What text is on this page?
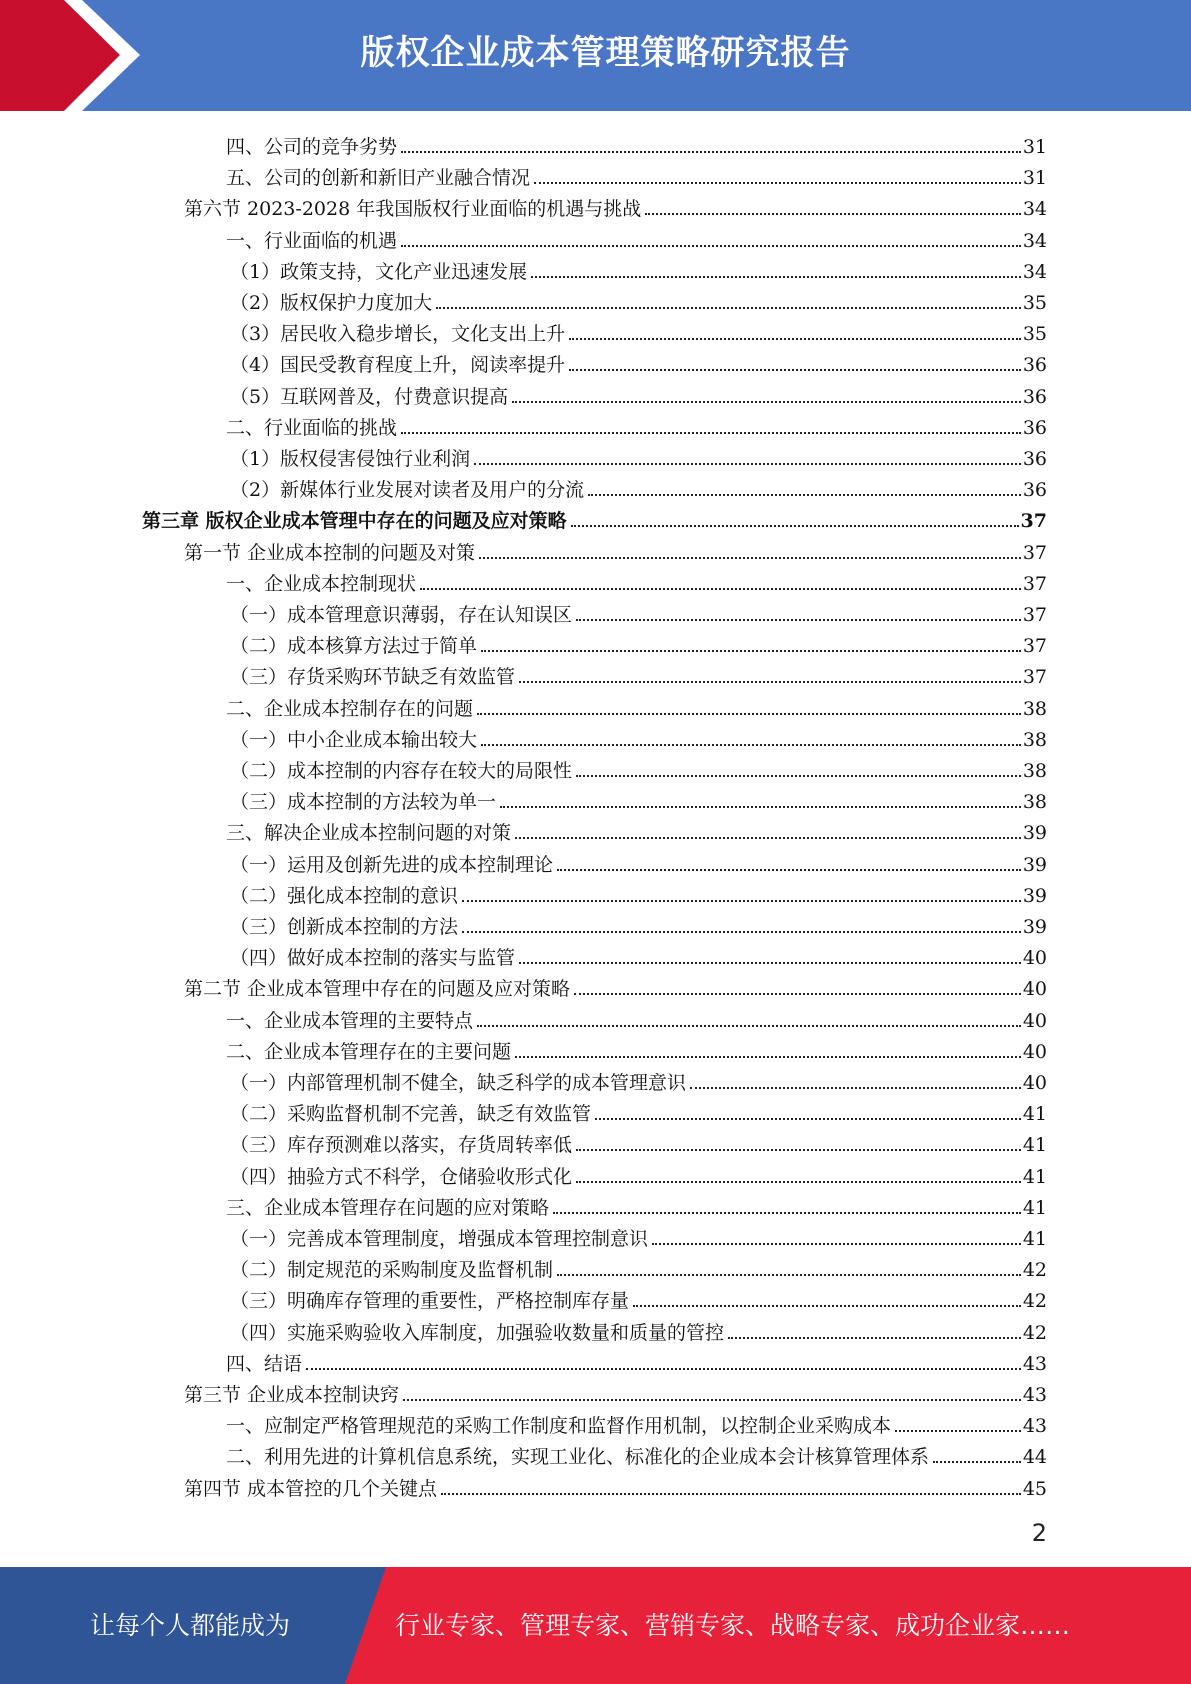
版权企业成本管理策略研究报告
四、公司的竞争劣势	31
五、公司的创新和新旧产业融合情况	31
第六节 2023-2028 年我国版权行业面临的机遇与挑战	34
一、行业面临的机遇	34
（1）政策支持，文化产业迅速发展	34
（2）版权保护力度加大	35
（3）居民收入稳步增长，文化支出上升	35
（4）国民受教育程度上升，阅读率提升	36
（5）互联网普及，付费意识提高	36
二、行业面临的挑战	36
（1）版权侵害侵蚀行业利润	36
（2）新媒体行业发展对读者及用户的分流	36
第三章 版权企业成本管理中存在的问题及应对策略	37
第一节 企业成本控制的问题及对策	37
一、企业成本控制现状	37
（一）成本管理意识薄弱，存在认知误区	37
（二）成本核算方法过于简单	37
（三）存货采购环节缺乏有效监管	37
二、企业成本控制存在的问题	38
（一）中小企业成本输出较大	38
（二）成本控制的内容存在较大的局限性	38
（三）成本控制的方法较为单一	38
三、解决企业成本控制问题的对策	39
（一）运用及创新先进的成本控制理论	39
（二）强化成本控制的意识	39
（三）创新成本控制的方法	39
（四）做好成本控制的落实与监管	40
第二节 企业成本管理中存在的问题及应对策略	40
一、企业成本管理的主要特点	40
二、企业成本管理存在的主要问题	40
（一）内部管理机制不健全，缺乏科学的成本管理意识	40
（二）采购监督机制不完善，缺乏有效监管	41
（三）库存预测难以落实，存货周转率低	41
（四）抽验方式不科学，仓储验收形式化	41
三、企业成本管理存在问题的应对策略	41
（一）完善成本管理制度，增强成本管理控制意识	41
（二）制定规范的采购制度及监督机制	42
（三）明确库存管理的重要性，严格控制库存量	42
（四）实施采购验收入库制度，加强验收数量和质量的管控	42
四、结语	43
第三节 企业成本控制诀窍	43
一、应制定严格管理规范的采购工作制度和监督作用机制，以控制企业采购成本	43
二、利用先进的计算机信息系统，实现工业化、标准化的企业成本会计核算管理体系	44
第四节 成本管控的几个关键点	45
2
让每个人都能成为	行业专家、管理专家、营销专家、战略专家、成功企业家……
